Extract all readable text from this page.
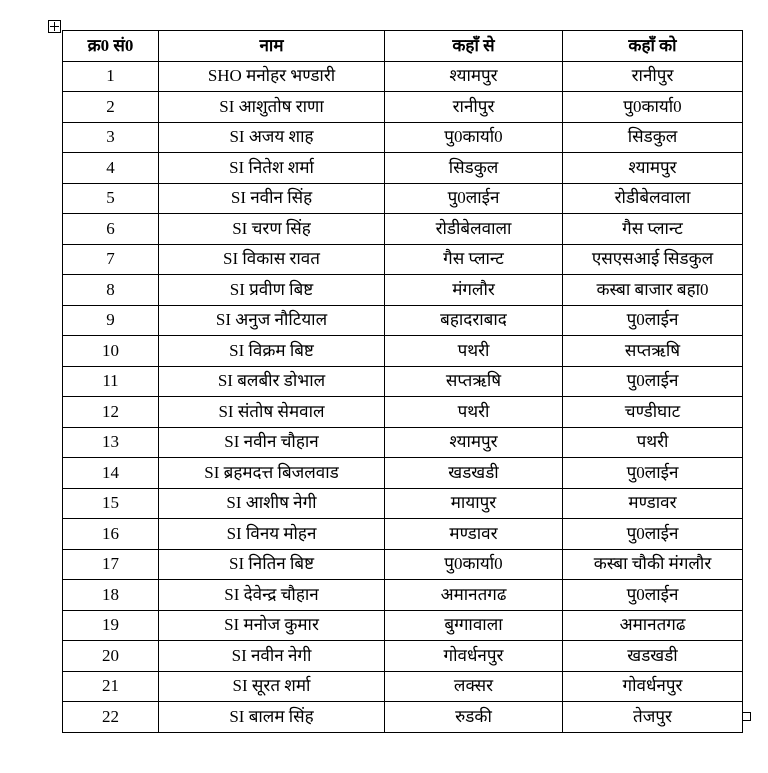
क्र0 सं0	नाम	कहाँ से	कहाँ को
1	SHO मनोहर भण्डारी	श्यामपुर	रानीपुर
2	SI आशुतोष राणा	रानीपुर	पु0कार्या0
3	SI अजय शाह	पु0कार्या0	सिडकुल
4	SI नितेश शर्मा	सिडकुल	श्यामपुर
5	SI नवीन सिंह	पु0लाईन	रोडीबेलवाला
6	SI चरण सिंह	रोडीबेलवाला	गैस प्लान्ट
7	SI विकास रावत	गैस प्लान्ट	एसएसआई सिडकुल
8	SI प्रवीण बिष्ट	मंगलौर	कस्बा बाजार बहा0
9	SI अनुज नौटियाल	बहादराबाद	पु0लाईन
10	SI विक्रम बिष्ट	पथरी	सप्तऋषि
11	SI बलबीर डोभाल	सप्तऋषि	पु0लाईन
12	SI संतोष सेमवाल	पथरी	चण्डीघाट
13	SI नवीन चौहान	श्यामपुर	पथरी
14	SI ब्रहमदत्त बिजलवाड	खडखडी	पु0लाईन
15	SI आशीष नेगी	मायापुर	मण्डावर
16	SI विनय मोहन	मण्डावर	पु0लाईन
17	SI नितिन बिष्ट	पु0कार्या0	कस्बा चौकी मंगलौर
18	SI देवेन्द्र चौहान	अमानतगढ	पु0लाईन
19	SI मनोज कुमार	बुग्गावाला	अमानतगढ
20	SI नवीन नेगी	गोवर्धनपुर	खडखडी
21	SI सूरत शर्मा	लक्सर	गोवर्धनपुर
22	SI बालम सिंह	रुडकी	तेजपुर
